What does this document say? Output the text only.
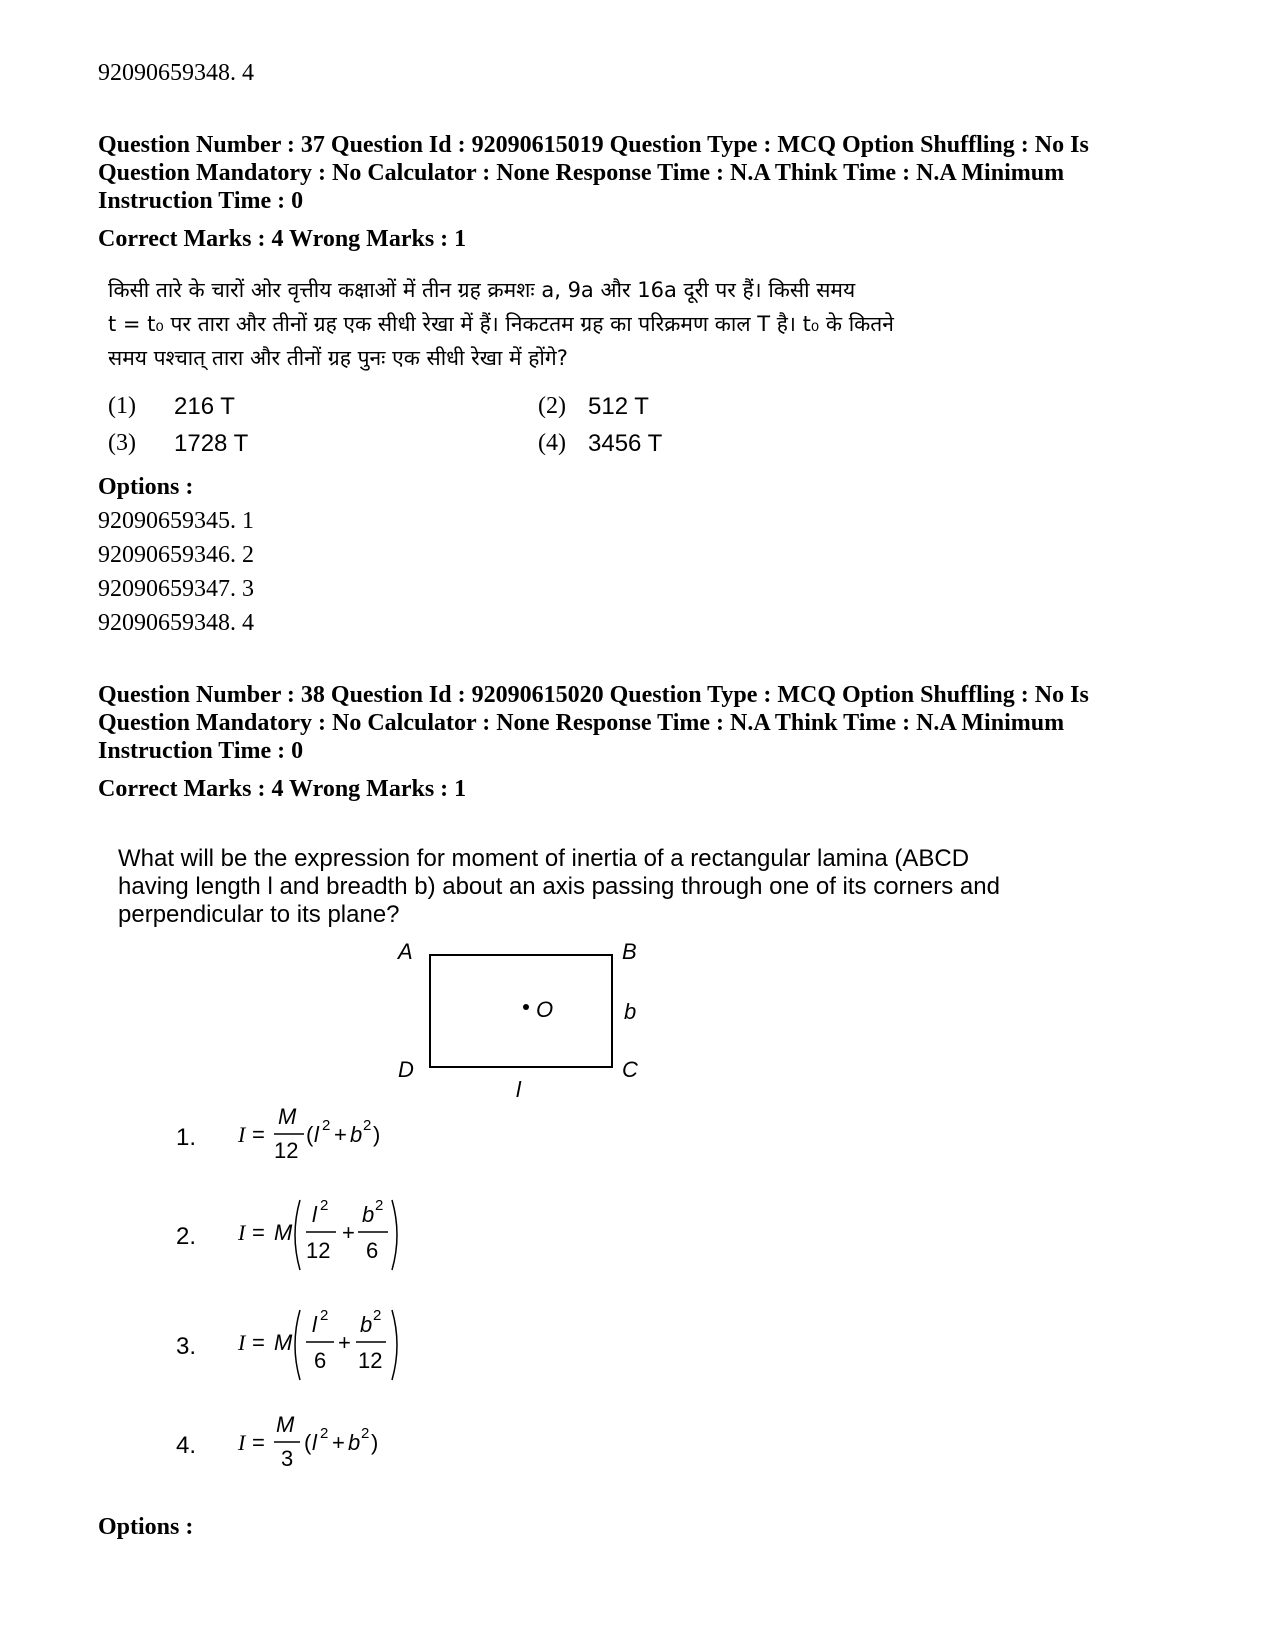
92090659348. 4
Question Number : 37 Question Id : 92090615019 Question Type : MCQ Option Shuffling : No Is Question Mandatory : No Calculator : None Response Time : N.A Think Time : N.A Minimum Instruction Time : 0
Correct Marks : 4 Wrong Marks : 1
किसी तारे के चारों ओर वृत्तीय कक्षाओं में तीन ग्रह क्रमशः a, 9a और 16a दूरी पर हैं। किसी समय
t = t₀ पर तारा और तीनों ग्रह एक सीधी रेखा में हैं। निकटतम ग्रह का परिक्रमण काल T है। t₀ के कितने
समय पश्चात् तारा और तीनों ग्रह पुनः एक सीधी रेखा में होंगे?
(1) 216 T	(2) 512 T
(3) 1728 T	(4) 3456 T
Options :
92090659345. 1
92090659346. 2
92090659347. 3
92090659348. 4
Question Number : 38 Question Id : 92090615020 Question Type : MCQ Option Shuffling : No Is Question Mandatory : No Calculator : None Response Time : N.A Think Time : N.A Minimum Instruction Time : 0
Correct Marks : 4 Wrong Marks : 1
What will be the expression for moment of inertia of a rectangular lamina (ABCD having length l and breadth b) about an axis passing through one of its corners and perpendicular to its plane?
A	B
C
D
O	b
l
1.
2.
3.
4.
I =
M
12
( l 2 + b 2 )
I = M
l 2
12
+
b 2
6
I = M
l 2
6
+
b 2
12
I =
M
3
( l 2 + b 2 )
Options :
